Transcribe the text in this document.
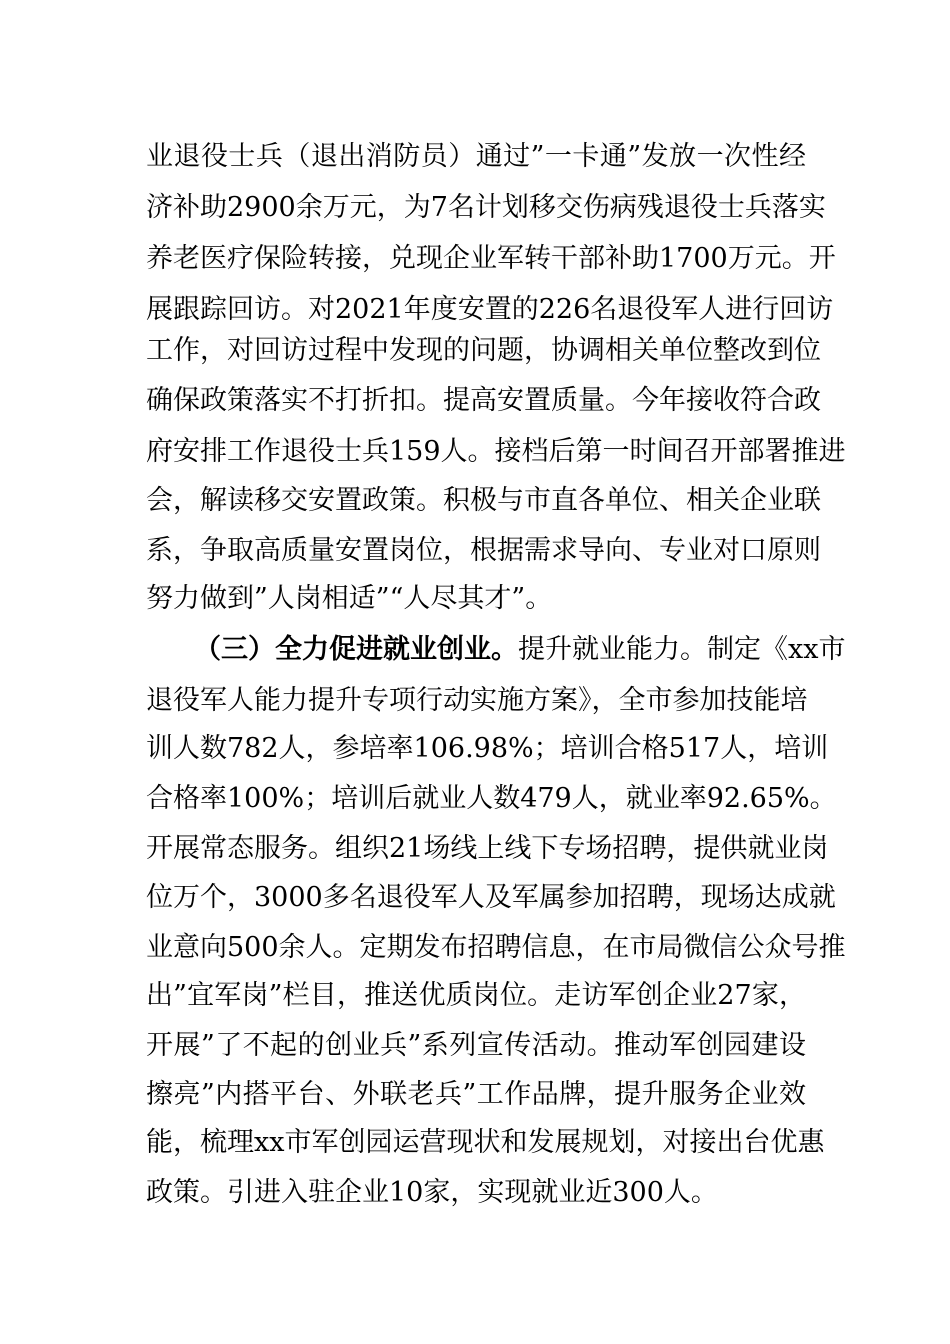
业退役士兵（退出消防员）通过”一卡通”发放一次性经
济补助2900余万元，为7名计划移交伤病残退役士兵落实
养老医疗保险转接，兑现企业军转干部补助1700万元。开
展跟踪回访。对2021年度安置的226名退役军人进行回访
工作，对回访过程中发现的问题，协调相关单位整改到位
确保政策落实不打折扣。提高安置质量。今年接收符合政
府安排工作退役士兵159人。接档后第一时间召开部署推进
会，解读移交安置政策。积极与市直各单位、相关企业联
系，争取高质量安置岗位，根据需求导向、专业对口原则
努力做到”人岗相适”“人尽其才”。
（三）全力促进就业创业。提升就业能力。制定《xx市
退役军人能力提升专项行动实施方案》，全市参加技能培
训人数782人，参培率106.98%；培训合格517人，培训
合格率100%；培训后就业人数479人，就业率92.65%。
开展常态服务。组织21场线上线下专场招聘，提供就业岗
位万个，3000多名退役军人及军属参加招聘，现场达成就
业意向500余人。定期发布招聘信息，在市局微信公众号推
出”宜军岗”栏目，推送优质岗位。走访军创企业27家，
开展”了不起的创业兵”系列宣传活动。推动军创园建设
擦亮”内搭平台、外联老兵”工作品牌，提升服务企业效
能，梳理xx市军创园运营现状和发展规划，对接出台优惠
政策。引进入驻企业10家，实现就业近300人。
